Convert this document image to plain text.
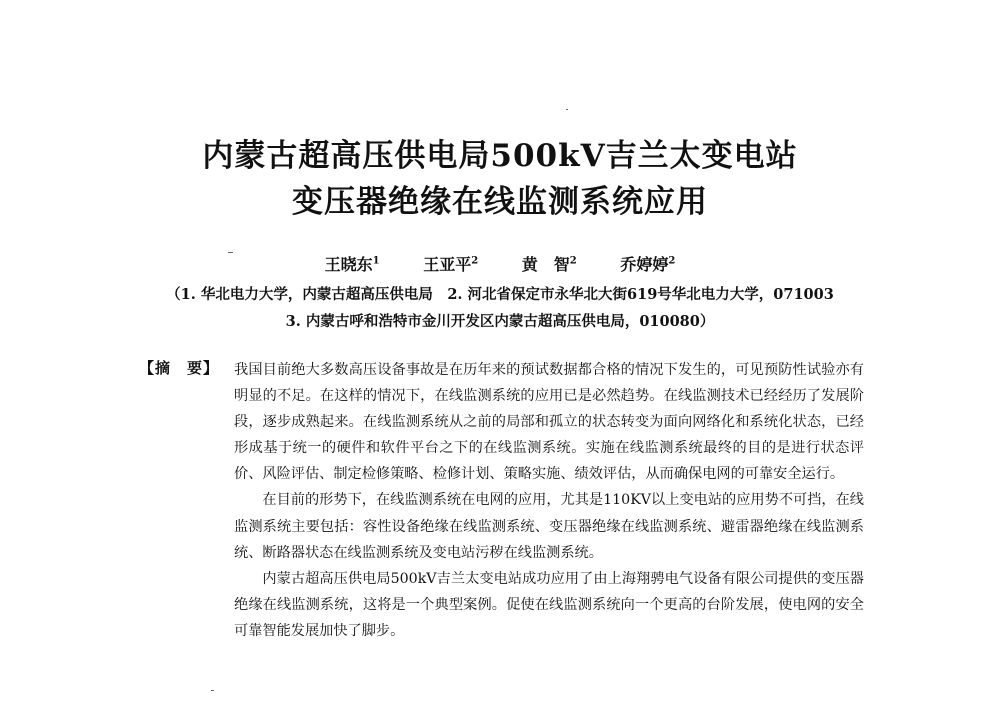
内蒙古超高压供电局500kV吉兰太变电站
变压器绝缘在线监测系统应用
王晓东$^1$	王亚平$^2$	黄　智$^2$	乔婷婷$^2$
（1. 华北电力大学，内蒙古超高压供电局　2. 河北省保定市永华北大街619号华北电力大学，071003
3. 内蒙古呼和浩特市金川开发区内蒙古超高压供电局，010080）
【摘　要】 我国目前绝大多数高压设备事故是在历年来的预试数据都合格的情况下发生的，可见预防性试验亦有明显的不足。在这样的情况下，在线监测系统的应用已是必然趋势。在线监测技术已经经历了发展阶段，逐步成熟起来。在线监测系统从之前的局部和孤立的状态转变为面向网络化和系统化状态，已经形成基于统一的硬件和软件平台之下的在线监测系统。实施在线监测系统最终的目的是进行状态评价、风险评估、制定检修策略、检修计划、策略实施、绩效评估，从而确保电网的可靠安全运行。

在目前的形势下，在线监测系统在电网的应用，尤其是110KV以上变电站的应用势不可挡，在线监测系统主要包括：容性设备绝缘在线监测系统、变压器绝缘在线监测系统、避雷器绝缘在线监测系统、断路器状态在线监测系统及变电站污秽在线监测系统。

内蒙古超高压供电局500kV吉兰太变电站成功应用了由上海翔骋电气设备有限公司提供的变压器绝缘在线监测系统，这将是一个典型案例。促使在线监测系统向一个更高的台阶发展，使电网的安全可靠智能发展加快了脚步。
